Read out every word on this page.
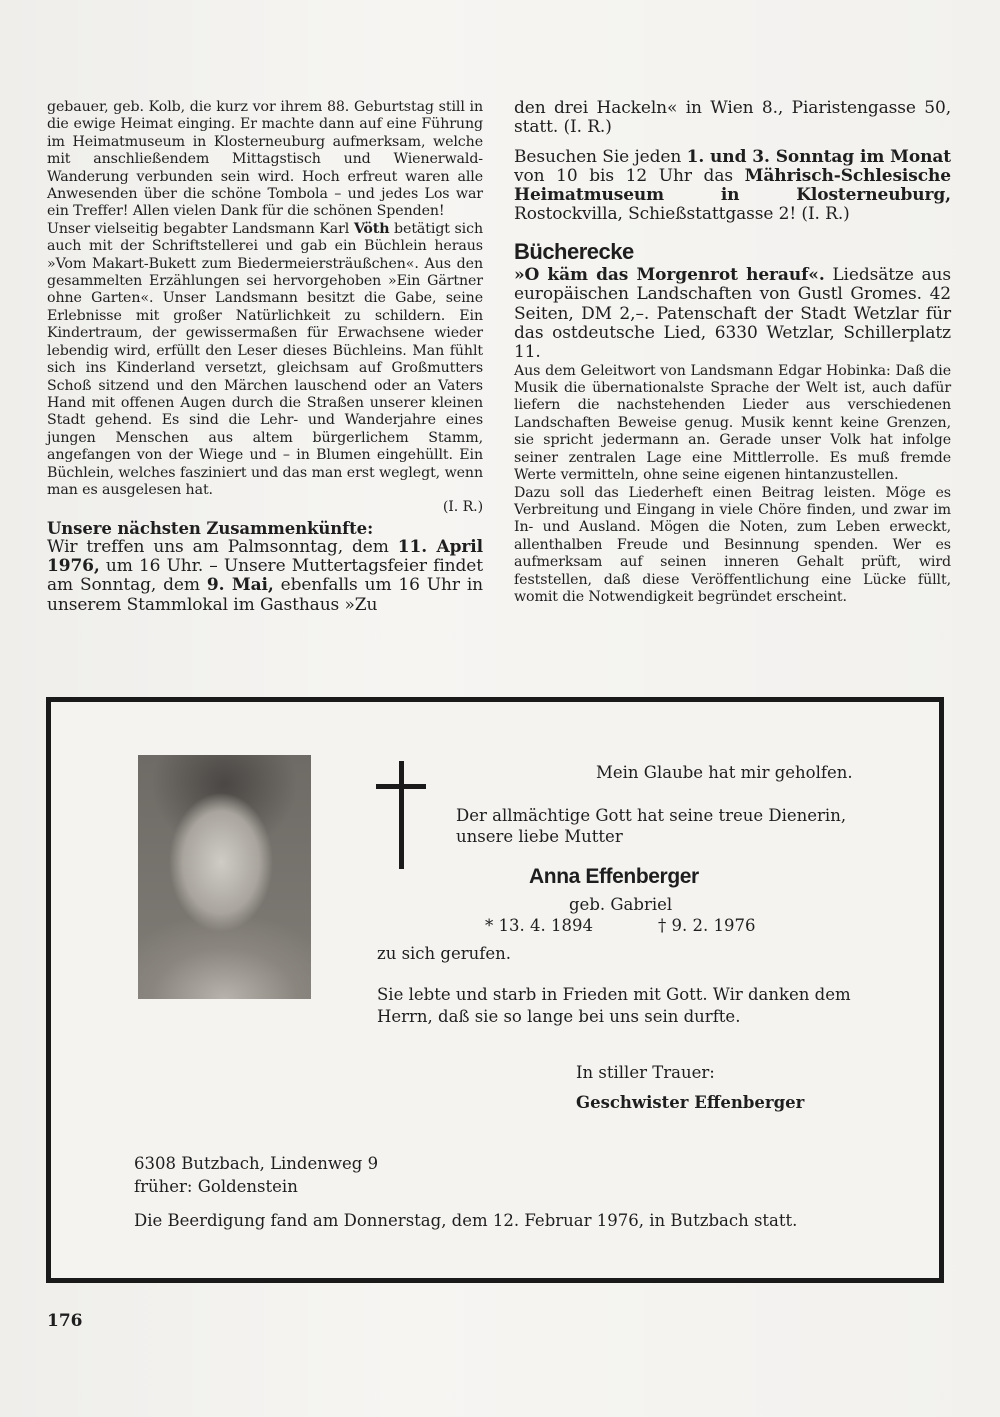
gebauer, geb. Kolb, die kurz vor ihrem 88. Geburtstag still in die ewige Heimat einging. Er machte dann auf eine Führung im Heimatmuseum in Klosterneuburg aufmerksam, welche mit anschließendem Mittagstisch und Wienerwald-Wanderung verbunden sein wird. Hoch erfreut waren alle Anwesenden über die schöne Tombola – und jedes Los war ein Treffer! Allen vielen Dank für die schönen Spenden!

Unser vielseitig begabter Landsmann Karl Vöth betätigt sich auch mit der Schriftstellerei und gab ein Büchlein heraus »Vom Makart-Bukett zum Biedermeiersträußchen«. Aus den gesammelten Erzählungen sei hervorgehoben »Ein Gärtner ohne Garten«. Unser Landsmann besitzt die Gabe, seine Erlebnisse mit großer Natürlichkeit zu schildern. Ein Kindertraum, der gewissermaßen für Erwachsene wieder lebendig wird, erfüllt den Leser dieses Büchleins. Man fühlt sich ins Kinderland versetzt, gleichsam auf Großmutters Schoß sitzend und den Märchen lauschend oder an Vaters Hand mit offenen Augen durch die Straßen unserer kleinen Stadt gehend. Es sind die Lehr- und Wanderjahre eines jungen Menschen aus altem bürgerlichem Stamm, angefangen von der Wiege und – in Blumen eingehüllt. Ein Büchlein, welches fasziniert und das man erst weglegt, wenn man es ausgelesen hat.

(I. R.)

Unsere nächsten Zusammenkünfte:

Wir treffen uns am Palmsonntag, dem 11. April 1976, um 16 Uhr. – Unsere Muttertagsfeier findet am Sonntag, dem 9. Mai, ebenfalls um 16 Uhr in unserem Stammlokal im Gasthaus »Zu

den drei Hackeln« in Wien 8., Piaristengasse 50, statt. (I. R.)

Besuchen Sie jeden 1. und 3. Sonntag im Monat von 10 bis 12 Uhr das Mährisch-Schlesische Heimatmuseum in Klosterneuburg, Rostockvilla, Schießstattgasse 2! (I. R.)

Bücherecke

»O käm das Morgenrot herauf«. Liedsätze aus europäischen Landschaften von Gustl Gromes. 42 Seiten, DM 2,–. Patenschaft der Stadt Wetzlar für das ostdeutsche Lied, 6330 Wetzlar, Schillerplatz 11.

Aus dem Geleitwort von Landsmann Edgar Hobinka: Daß die Musik die übernationalste Sprache der Welt ist, auch dafür liefern die nachstehenden Lieder aus verschiedenen Landschaften Beweise genug. Musik kennt keine Grenzen, sie spricht jedermann an. Gerade unser Volk hat infolge seiner zentralen Lage eine Mittlerrolle. Es muß fremde Werte vermitteln, ohne seine eigenen hintanzustellen.

Dazu soll das Liederheft einen Beitrag leisten. Möge es Verbreitung und Eingang in viele Chöre finden, und zwar im In- und Ausland. Mögen die Noten, zum Leben erweckt, allenthalben Freude und Besinnung spenden. Wer es aufmerksam auf seinen inneren Gehalt prüft, wird feststellen, daß diese Veröffentlichung eine Lücke füllt, womit die Notwendigkeit begründet erscheint.

Mein Glaube hat mir geholfen.
Der allmächtige Gott hat seine treue Dienerin,
unsere liebe Mutter
Anna Effenberger
geb. Gabriel
* 13. 4. 1894	† 9. 2. 1976
zu sich gerufen.
Sie lebte und starb in Frieden mit Gott. Wir danken dem
Herrn, daß sie so lange bei uns sein durfte.
In stiller Trauer:
Geschwister Effenberger
6308 Butzbach, Lindenweg 9
früher: Goldenstein
Die Beerdigung fand am Donnerstag, dem 12. Februar 1976, in Butzbach statt.
176
